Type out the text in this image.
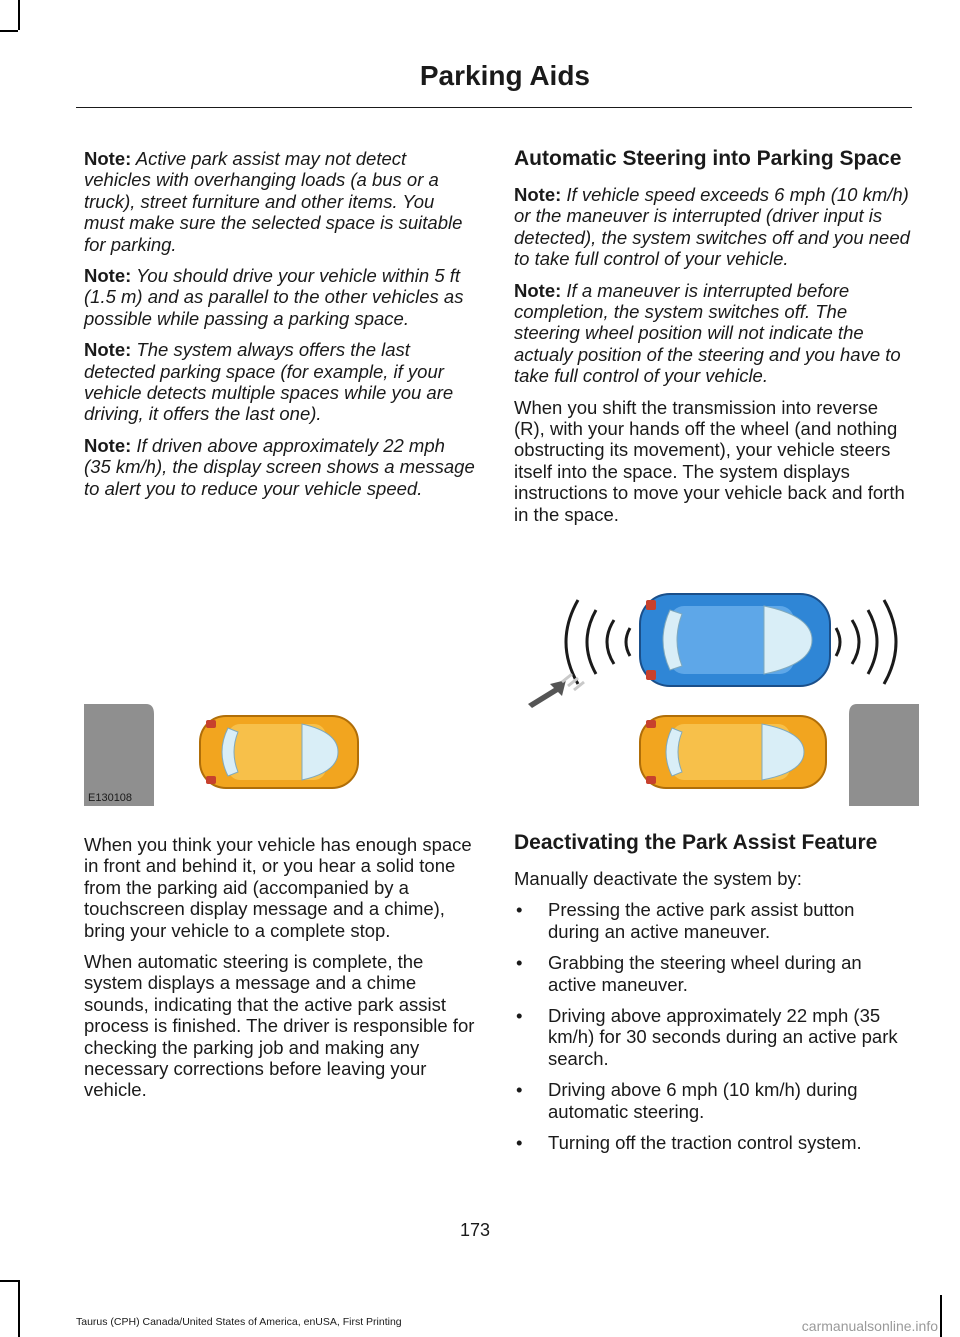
Parking Aids

Note: Active park assist may not detect vehicles with overhanging loads (a bus or a truck), street furniture and other items. You must make sure the selected space is suitable for parking.

Note: You should drive your vehicle within 5 ft (1.5 m) and as parallel to the other vehicles as possible while passing a parking space.

Note: The system always offers the last detected parking space (for example, if your vehicle detects multiple spaces while you are driving, it offers the last one).

Note: If driven above approximately 22 mph (35 km/h), the display screen shows a message to alert you to reduce your vehicle speed.

Automatic Steering into Parking Space

Note: If vehicle speed exceeds 6 mph (10 km/h) or the maneuver is interrupted (driver input is detected), the system switches off and you need to take full control of your vehicle.

Note: If a maneuver is interrupted before completion, the system switches off. The steering wheel position will not indicate the actualy position of the steering and you have to take full control of your vehicle.

When you shift the transmission into reverse (R), with your hands off the wheel (and nothing obstructing its movement), your vehicle steers itself into the space. The system displays instructions to move your vehicle back and forth in the space.

E130108

When you think your vehicle has enough space in front and behind it, or you hear a solid tone from the parking aid (accompanied by a touchscreen display message and a chime), bring your vehicle to a complete stop.

When automatic steering is complete, the system displays a message and a chime sounds, indicating that the active park assist process is finished. The driver is responsible for checking the parking job and making any necessary corrections before leaving your vehicle.

Deactivating the Park Assist Feature

Manually deactivate the system by:

• Pressing the active park assist button during an active maneuver.
• Grabbing the steering wheel during an active maneuver.
• Driving above approximately 22 mph (35 km/h) for 30 seconds during an active park search.
• Driving above 6 mph (10 km/h) during automatic steering.
• Turning off the traction control system.
173
Taurus (CPH) Canada/United States of America, enUSA, First Printing	carmanualsonline.info
